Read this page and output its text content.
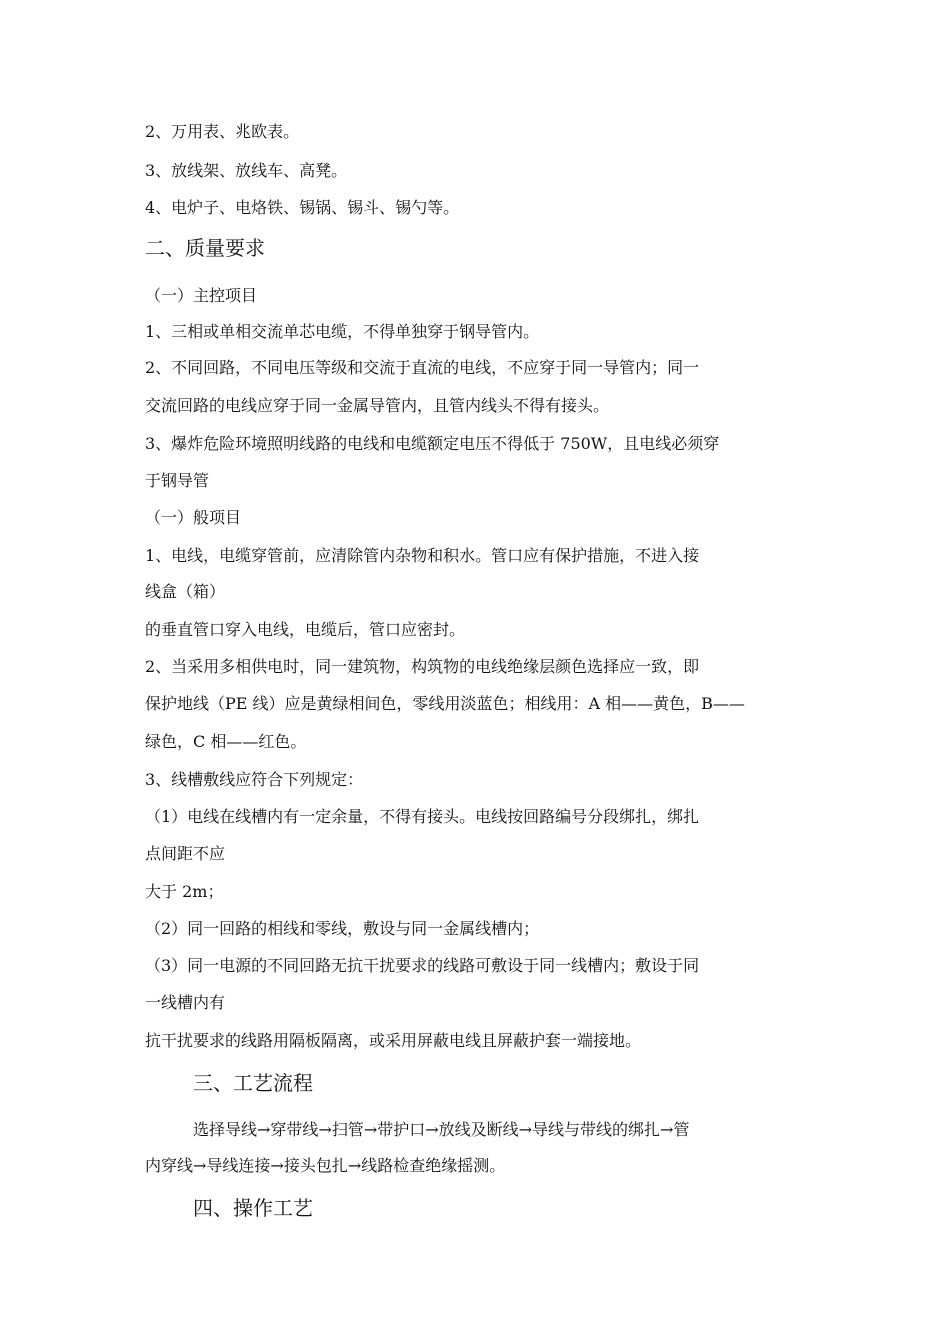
2、万用表、兆欧表。
3、放线架、放线车、高凳。
4、电炉子、电烙铁、锡锅、锡斗、锡勺等。
二、质量要求
（一）主控项目
1、三相或单相交流单芯电缆，不得单独穿于钢导管内。
2、不同回路，不同电压等级和交流于直流的电线，不应穿于同一导管内；同一
交流回路的电线应穿于同一金属导管内，且管内线头不得有接头。
3、爆炸危险环境照明线路的电线和电缆额定电压不得低于 750W，且电线必须穿
于钢导管
（一）般项目
1、电线，电缆穿管前，应清除管内杂物和积水。管口应有保护措施，不进入接
线盒（箱）
的垂直管口穿入电线，电缆后，管口应密封。
2、当采用多相供电时，同一建筑物，构筑物的电线绝缘层颜色选择应一致，即
保护地线（PE 线）应是黄绿相间色，零线用淡蓝色；相线用：A 相——黄色，B——
绿色，C 相——红色。
3、线槽敷线应符合下列规定：
（1）电线在线槽内有一定余量，不得有接头。电线按回路编号分段绑扎，绑扎
点间距不应
大于 2m；
（2）同一回路的相线和零线，敷设与同一金属线槽内；
（3）同一电源的不同回路无抗干扰要求的线路可敷设于同一线槽内；敷设于同
一线槽内有
抗干扰要求的线路用隔板隔离，或采用屏蔽电线且屏蔽护套一端接地。
三、工艺流程
选择导线→穿带线→扫管→带护口→放线及断线→导线与带线的绑扎→管
内穿线→导线连接→接头包扎→线路检查绝缘摇测。
四、操作工艺
